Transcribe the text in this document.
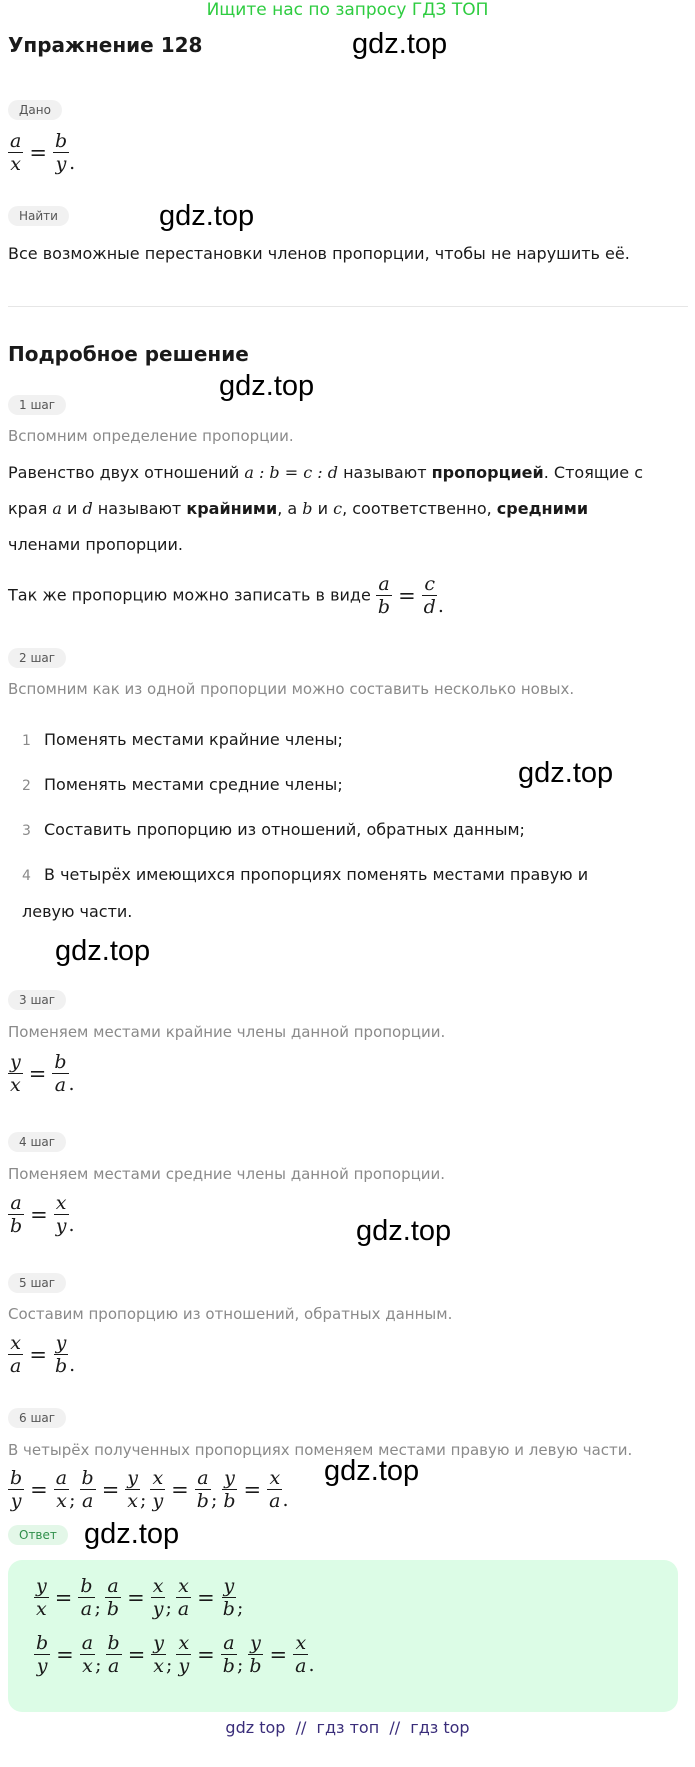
Ищите нас по запросу ГДЗ ТОП
Упражнение 128	gdz.top
gdz.top
gdz.top
gdz.top
gdz.top
gdz.top
gdz.top
gdz.top
Дано
$\frac{a}{x} = \frac{b}{y}$ .
Найти
Все возможные перестановки членов пропорции, чтобы не нарушить её.
Подробное решение
1 шаг
Вспомним определение пропорции.
Равенство двух отношений a : b = c : d называют пропорцией. Стоящие с края a и d называют крайними, а b и c, соответственно, средними членами пропорции.
Так же пропорцию можно записать в виде $\frac{a}{b} = \frac{c}{d}$ .
2 шаг
Вспомним как из одной пропорции можно составить несколько новых.
1 Поменять местами крайние члены;
2 Поменять местами средние члены;
3 Составить пропорцию из отношений, обратных данным;
4 В четырёх имеющихся пропорциях поменять местами правую и левую части.
3 шаг
Поменяем местами крайние члены данной пропорции.
$\frac{y}{x} = \frac{b}{a}$ .
4 шаг
Поменяем местами средние члены данной пропорции.
$\frac{a}{b} = \frac{x}{y}$ .
5 шаг
Составим пропорцию из отношений, обратных данным.
$\frac{x}{a} = \frac{y}{b}$ .
6 шаг
В четырёх полученных пропорциях поменяем местами правую и левую части.
$\frac{b}{y} = \frac{a}{x}$ ; $\frac{b}{a} = \frac{y}{x}$ ; $\frac{x}{y} = \frac{a}{b}$ ; $\frac{y}{b} = \frac{x}{a}$ .
Ответ
$\frac{y}{x} = \frac{b}{a}$ ; $\frac{a}{b} = \frac{x}{y}$ ; $\frac{x}{a} = \frac{y}{b}$ ;
$\frac{b}{y} = \frac{a}{x}$ ; $\frac{b}{a} = \frac{y}{x}$ ; $\frac{x}{y} = \frac{a}{b}$ ; $\frac{y}{b} = \frac{x}{a}$ .
gdz top  //  гдз топ  //  гдз top
